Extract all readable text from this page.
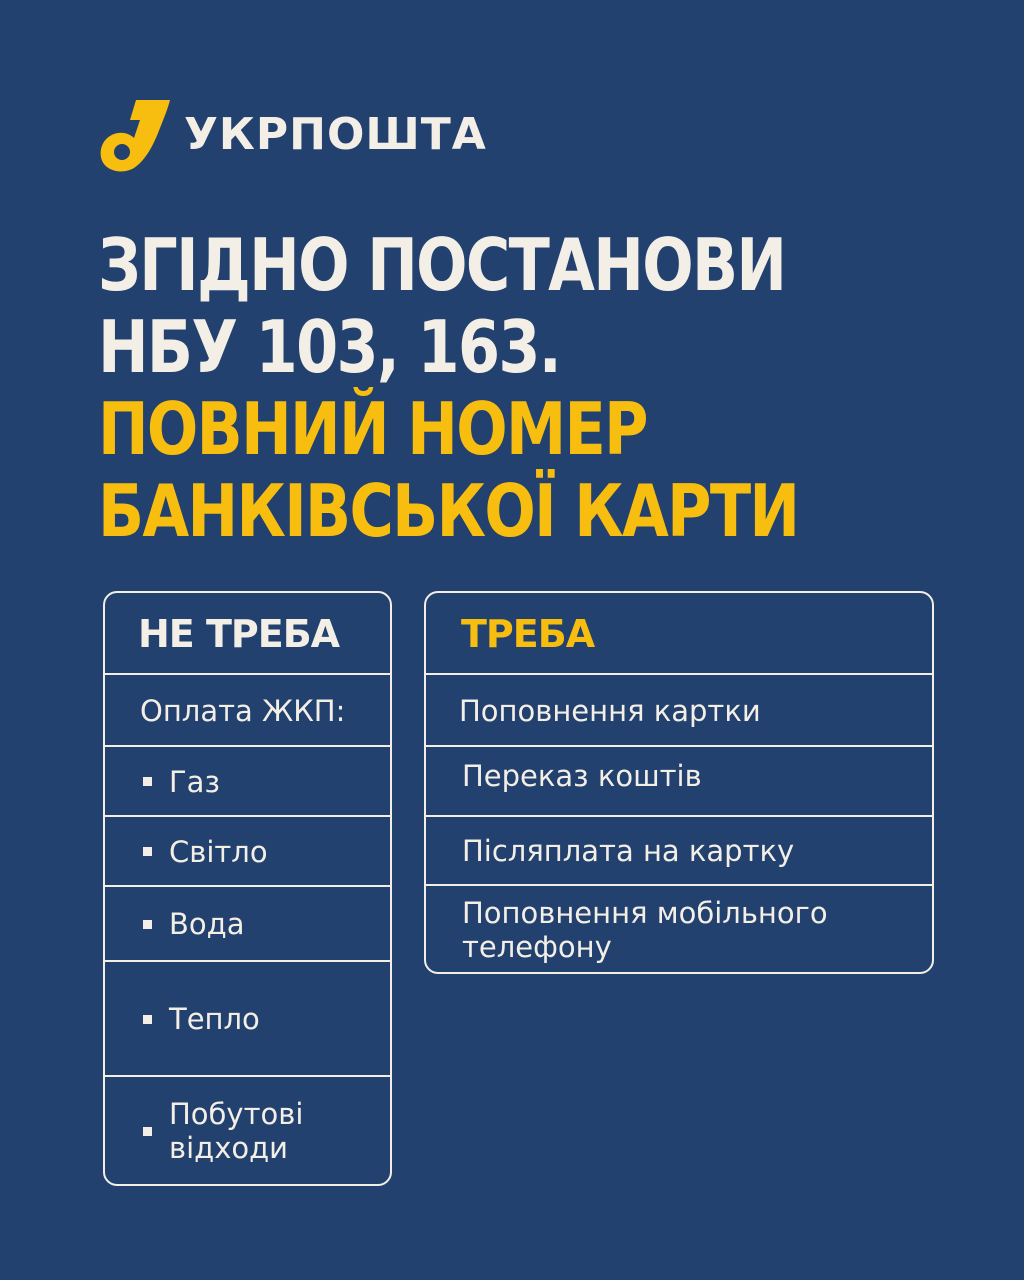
УКРПОШТА
ЗГІДНО ПОСТАНОВИ
НБУ 103, 163.
ПОВНИЙ НОМЕР
БАНКІВСЬКОЇ КАРТИ
НЕ ТРЕБА
Оплата ЖКП:
Газ
Світло
Вода
Тепло
Побутові відходи
ТРЕБА
Поповнення картки
Переказ коштів
Післяплата на картку
Поповнення мобільного телефону
